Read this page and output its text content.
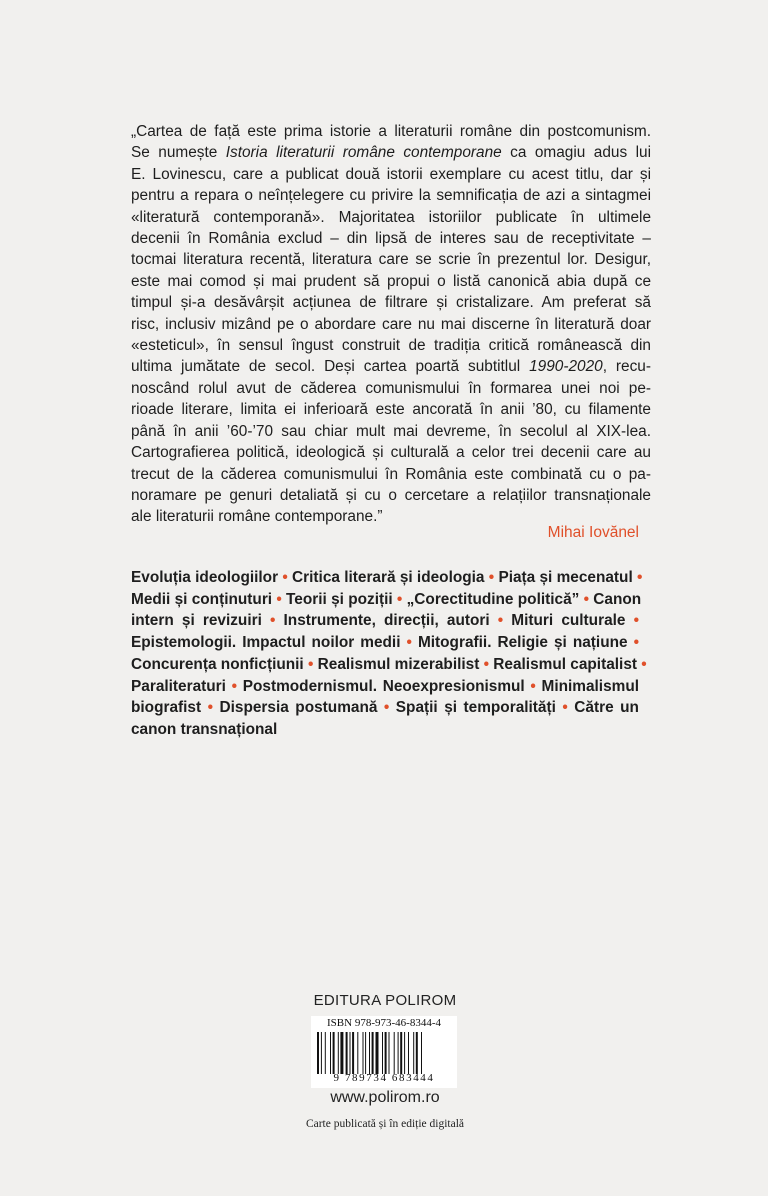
„Cartea de față este prima istorie a literaturii române din postcomunism.
Se numește Istoria literaturii române contemporane ca omagiu adus lui
E. Lovinescu, care a publicat două istorii exemplare cu acest titlu, dar și
pentru a repara o neînțelegere cu privire la semnificația de azi a sintagmei
«literatură contemporană». Majoritatea istoriilor publicate în ultimele
decenii în România exclud – din lipsă de interes sau de receptivitate –
tocmai literatura recentă, literatura care se scrie în prezentul lor. Desigur,
este mai comod și mai prudent să propui o listă canonică abia după ce
timpul și-a desăvârșit acțiunea de filtrare și cristalizare. Am preferat să
risc, inclusiv mizând pe o abordare care nu mai discerne în literatură doar
«esteticul», în sensul îngust construit de tradiția critică românească din
ultima jumătate de secol. Deși cartea poartă subtitlul 1990-2020, recu-
noscând rolul avut de căderea comunismului în formarea unei noi pe-
rioade literare, limita ei inferioară este ancorată în anii ’80, cu filamente
până în anii ’60-’70 sau chiar mult mai devreme, în secolul al XIX-lea.
Cartografierea politică, ideologică și culturală a celor trei decenii care au
trecut de la căderea comunismului în România este combinată cu o pa-
noramare pe genuri detaliată și cu o cercetare a relațiilor transnaționale
ale literaturii române contemporane.”
Mihai Iovănel
Evoluția ideologiilor • Critica literară și ideologia • Piața și mecenatul •
Medii și conținuturi • Teorii și poziții • „Corectitudine politică” • Canon
intern și revizuiri • Instrumente, direcții, autori • Mituri culturale •
Epistemologii. Impactul noilor medii • Mitografii. Religie și națiune •
Concurența nonficțiunii • Realismul mizerabilist • Realismul capitalist •
Paraliteraturi • Postmodernismul. Neoexpresionismul • Minimalismul
biografist • Dispersia postumană • Spații și temporalități • Către un
canon transnațional
EDITURA POLIROM
ISBN 978-973-46-8344-4
9 789734 683444
www.polirom.ro
Carte publicată și în ediție digitală
